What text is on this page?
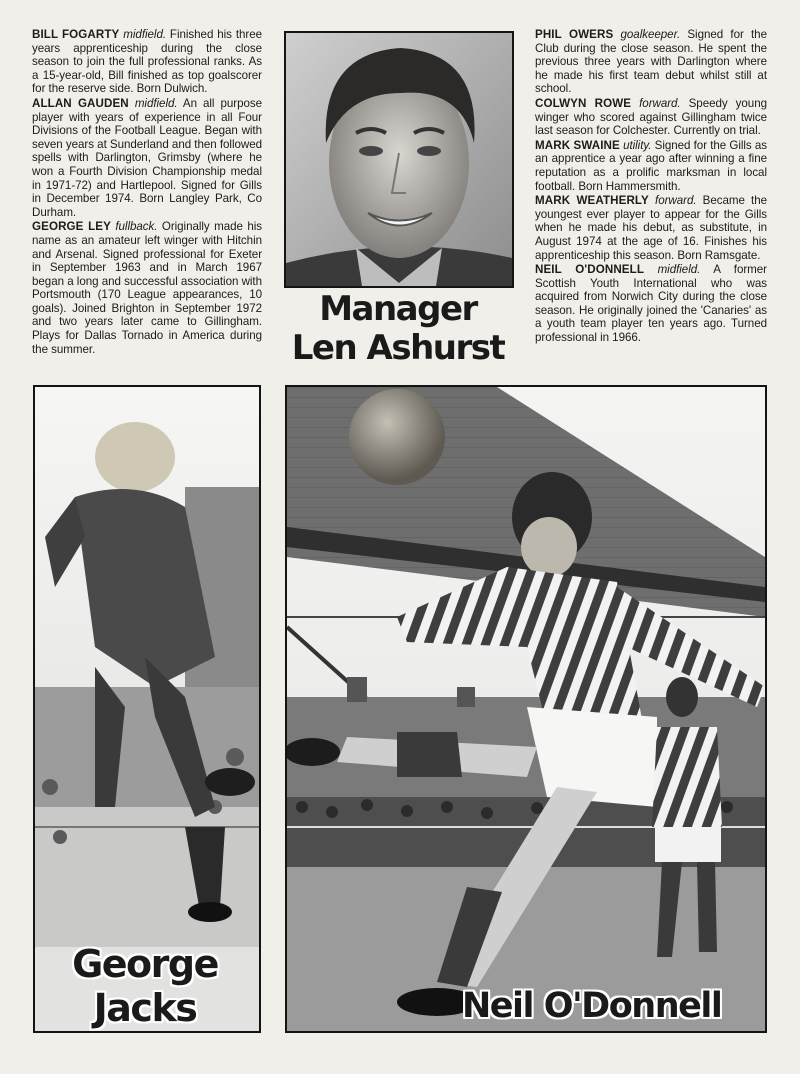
BILL FOGARTY midfield. Finished his three years apprenticeship during the close season to join the full professional ranks. As a 15-year-old, Bill finished as top goalscorer for the reserve side. Born Dulwich.

ALLAN GAUDEN midfield. An all purpose player with years of experience in all Four Divisions of the Football League. Began with seven years at Sunderland and then followed spells with Darlington, Grimsby (where he won a Fourth Division Championship medal in 1971-72) and Hartlepool. Signed for Gills in December 1974. Born Langley Park, Co Durham.

GEORGE LEY fullback. Originally made his name as an amateur left winger with Hitchin and Arsenal. Signed professional for Exeter in September 1963 and in March 1967 began a long and successful association with Portsmouth (170 League appearances, 10 goals). Joined Brighton in September 1972 and two years later came to Gillingham. Plays for Dallas Tornado in America during the summer.

PHIL OWERS goalkeeper. Signed for the Club during the close season. He spent the previous three years with Darlington where he made his first team debut whilst still at school.

COLWYN ROWE forward. Speedy young winger who scored against Gillingham twice last season for Colchester. Currently on trial.

MARK SWAINE utility. Signed for the Gills as an apprentice a year ago after winning a fine reputation as a prolific marksman in local football. Born Hammersmith.

MARK WEATHERLY forward. Became the youngest ever player to appear for the Gills when he made his debut, as substitute, in August 1974 at the age of 16. Finishes his apprenticeship this season. Born Ramsgate.

NEIL O'DONNELL midfield. A former Scottish Youth International who was acquired from Norwich City during the close season. He originally joined the 'Canaries' as a youth team player ten years ago. Turned professional in 1966.

Manager
Len Ashurst
George
Jacks	Neil O'Donnell
